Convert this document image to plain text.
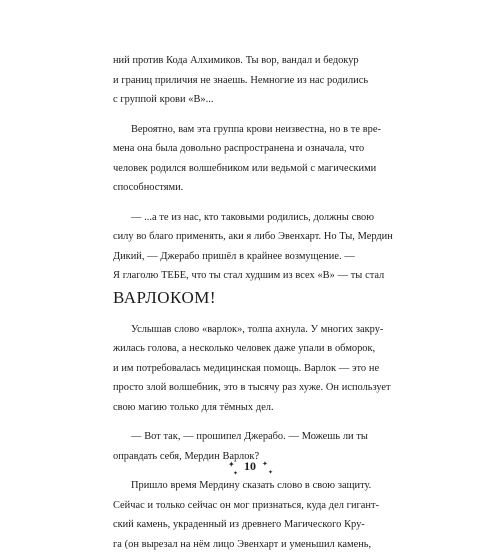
ний против Кода Алхимиков. Ты вор, вандал и бедокур
и границ приличия не знаешь. Немногие из нас родились
с группой крови «В»...
Вероятно, вам эта группа крови неизвестна, но в те вре-
мена она была довольно распространена и означала, что
человек родился волшебником или ведьмой с магическими
способностями.
— ...а те из нас, кто таковыми родились, должны свою
силу во благо применять, аки я либо Эвенхарт. Но Ты, Мердин
Дикий, — Джерабо пришёл в крайнее возмущение. —
Я глаголю ТЕБЕ, что ты стал худшим из всех «В» — ты стал
ВАРЛОКОМ!
Услышав слово «варлок», толпа ахнула. У многих закру-
жилась голова, а несколько человек даже упали в обморок,
и им потребовалась медицинская помощь. Варлок — это не
просто злой волшебник, это в тысячу раз хуже. Он использует
свою магию только для тёмных дел.
— Вот так, — прошипел Джерабо. — Можешь ли ты
оправдать себя, Мердин Варлок?
Пришло время Мердину сказать слово в свою защиту.
Сейчас и только сейчас он мог признаться, куда дел гигант-
ский камень, украденный из древнего Магического Кру-
га (он вырезал на нём лицо Эвенхарт и уменьшил камень,
✦
✦
10 ✦
✦
